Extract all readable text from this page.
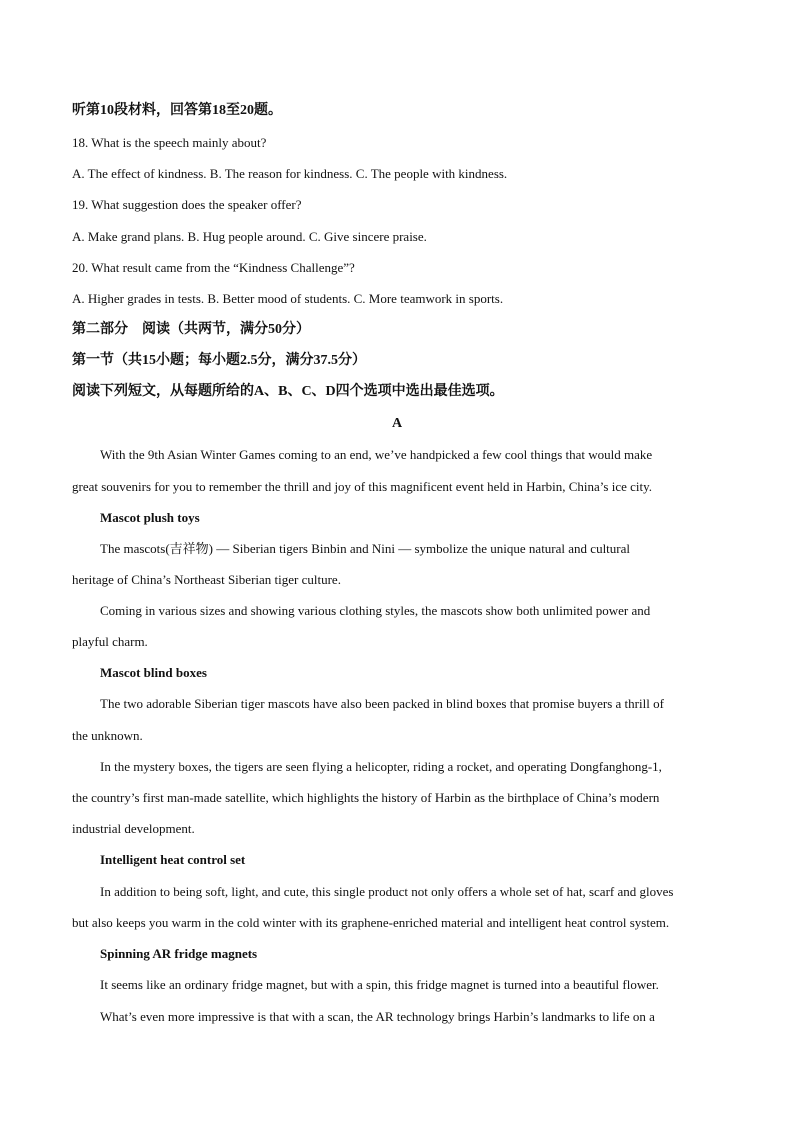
听第10段材料，回答第18至20题。
18. What is the speech mainly about?
A. The effect of kindness. B. The reason for kindness. C. The people with kindness.
19. What suggestion does the speaker offer?
A. Make grand plans. B. Hug people around. C. Give sincere praise.
20. What result came from the “Kindness Challenge”?
A. Higher grades in tests. B. Better mood of students. C. More teamwork in sports.
第二部分　阅读（共两节，满分50分）
第一节（共15小题；每小题2.5分，满分37.5分）
阅读下列短文，从每题所给的A、B、C、D四个选项中选出最佳选项。
A
With the 9th Asian Winter Games coming to an end, we’ve handpicked a few cool things that would make
great souvenirs for you to remember the thrill and joy of this magnificent event held in Harbin, China’s ice city.
Mascot plush toys
The mascots(吉祥物) — Siberian tigers Binbin and Nini — symbolize the unique natural and cultural
heritage of China’s Northeast Siberian tiger culture.
Coming in various sizes and showing various clothing styles, the mascots show both unlimited power and
playful charm.
Mascot blind boxes
The two adorable Siberian tiger mascots have also been packed in blind boxes that promise buyers a thrill of
the unknown.
In the mystery boxes, the tigers are seen flying a helicopter, riding a rocket, and operating Dongfanghong-1,
the country’s first man-made satellite, which highlights the history of Harbin as the birthplace of China’s modern
industrial development.
Intelligent heat control set
In addition to being soft, light, and cute, this single product not only offers a whole set of hat, scarf and gloves
but also keeps you warm in the cold winter with its graphene-enriched material and intelligent heat control system.
Spinning AR fridge magnets
It seems like an ordinary fridge magnet, but with a spin, this fridge magnet is turned into a beautiful flower.
What’s even more impressive is that with a scan, the AR technology brings Harbin’s landmarks to life on a
